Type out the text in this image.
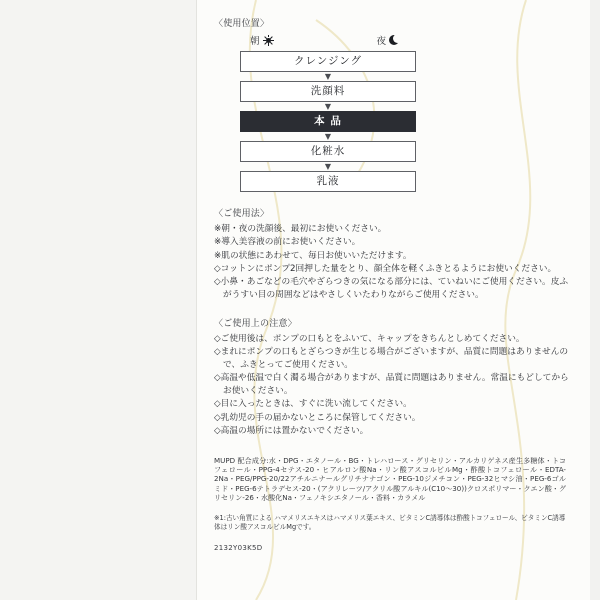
〈使用位置〉
朝	夜
クレンジング
▼
洗顔料
▼
本 品
▼
化粧水
▼
乳液
〈ご使用法〉
※朝・夜の洗顔後、最初にお使いください。
※導入美容液の前にお使いください。
※肌の状態にあわせて、毎日お使いいただけます。
◇コットンにポンプ2回押した量をとり、顔全体を軽くふきとるようにお使いください。
◇小鼻・あごなどの毛穴やざらつきの気になる部分には、ていねいにご使用ください。皮ふがうすい目の周囲などはやさしくいたわりながらご使用ください。
〈ご使用上の注意〉
◇ご使用後は、ポンプの口もとをふいて、キャップをきちんとしめてください。
◇まれにポンプの口もとざらつきが生じる場合がございますが、品質に問題はありませんので、ふきとってご使用ください。
◇高温や低温で白く濁る場合がありますが、品質に問題はありません。常温にもどしてからお使いください。
◇目に入ったときは、すぐに洗い流してください。
◇乳幼児の手の届かないところに保管してください。
◇高温の場所には置かないでください。
MUPD 配合成分:水・DPG・エタノール・BG・トレハロース・グリセリン・アルカリゲネス産生多糖体・トコフェロール・PPG-4セテス-20・ヒアルロン酸Na・リン酸アスコルビルMg・酢酸トコフェロール・EDTA-2Na・PEG/PPG-20/22アチルニナールグリチナナゴン・PEG-10ジメチコン・PEG-32ヒマシ油・PEG-6ゴルミド・PEG-6テトラデセス-20・(アクリレーツ/アクリル酸アルキル(C10～30))クロスポリマー・クエン酸・グリセリン-26・水酸化Na・フェノキシエタノール・香料・カラメル
※1:古い角質による ハマメリスエキスはハマメリス葉エキス、ビタミンC誘導体は酢酸トコフェロール、ビタミンC誘導体はリン酸アスコルビルMgです。
2132Y03K5D
